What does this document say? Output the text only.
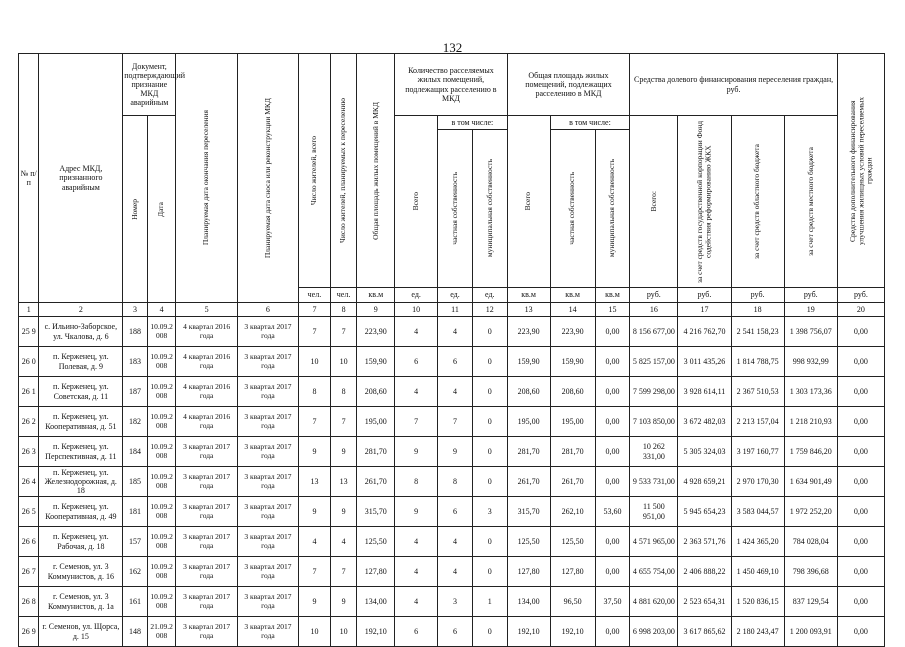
132
№ п/п	Адрес МКД, признанного аварийным	Документ, подтверждающий признание МКД аварийным		Планируемая дата окончания переселения	Планируемая дата сноса или реконструкции МКД	Число жителей, всего	Число жителей, планируемых к переселению	Общая площадь жилых помещений в МКД	Количество расселяемых жилых помещений, подлежащих расселению в МКД			Общая площадь жилых помещений, подлежащих расселению в МКД			Средства долевого финансирования переселения граждан, руб.				Средства дополнительного финансирования улучшения жилищных условий переселяемых граждан

		Номер	Дата						Всего	в том числе:		Всего	в том числе:		Всего:	за счет средств государственной корпорации Фонд содействия реформированию ЖКХ	за счет средств областного бюджета	за счет средств местного бюджета	

										частная собственность	муниципальная собственность		частная собственность	муниципальная собственность					

						чел.	чел.	кв.м	ед.	ед.	ед.	кв.м	кв.м	кв.м	руб.	руб.	руб.	руб.	руб.
1	2	3	4	5	6	7	8	9	10	11	12	13	14	15	16	17	18	19	20
25 9	с. Ильино-Заборское, ул. Чкалова, д. 6	188	10.09.2 008	4 квартал 2016 года	3 квартал 2017 года	7	7	223,90	4	4	0	223,90	223,90	0,00	8 156 677,00	4 216 762,70	2 541 158,23	1 398 756,07	0,00
26 0	п. Керженец, ул. Полевая, д. 9	183	10.09.2 008	4 квартал 2016 года	3 квартал 2017 года	10	10	159,90	6	6	0	159,90	159,90	0,00	5 825 157,00	3 011 435,26	1 814 788,75	998 932,99	0,00
26 1	п. Керженец, ул. Советская, д. 11	187	10.09.2 008	4 квартал 2016 года	3 квартал 2017 года	8	8	208,60	4	4	0	208,60	208,60	0,00	7 599 298,00	3 928 614,11	2 367 510,53	1 303 173,36	0,00
26 2	п. Керженец, ул. Кооперативная, д. 51	182	10.09.2 008	4 квартал 2016 года	3 квартал 2017 года	7	7	195,00	7	7	0	195,00	195,00	0,00	7 103 850,00	3 672 482,03	2 213 157,04	1 218 210,93	0,00
26 3	п. Керженец, ул. Перспективная, д. 11	184	10.09.2 008	3 квартал 2017 года	3 квартал 2017 года	9	9	281,70	9	9	0	281,70	281,70	0,00	10 262 331,00	5 305 324,03	3 197 160,77	1 759 846,20	0,00
26 4	п. Керженец, ул. Железнодорожная, д. 18	185	10.09.2 008	3 квартал 2017 года	3 квартал 2017 года	13	13	261,70	8	8	0	261,70	261,70	0,00	9 533 731,00	4 928 659,21	2 970 170,30	1 634 901,49	0,00
26 5	п. Керженец, ул. Кооперативная, д. 49	181	10.09.2 008	3 квартал 2017 года	3 квартал 2017 года	9	9	315,70	9	6	3	315,70	262,10	53,60	11 500 951,00	5 945 654,23	3 583 044,57	1 972 252,20	0,00
26 6	п. Керженец, ул. Рабочая, д. 18	157	10.09.2 008	3 квартал 2017 года	3 квартал 2017 года	4	4	125,50	4	4	0	125,50	125,50	0,00	4 571 965,00	2 363 571,76	1 424 365,20	784 028,04	0,00
26 7	г. Семенов, ул. 3 Коммунистов, д. 16	162	10.09.2 008	3 квартал 2017 года	3 квартал 2017 года	7	7	127,80	4	4	0	127,80	127,80	0,00	4 655 754,00	2 406 888,22	1 450 469,10	798 396,68	0,00
26 8	г. Семенов, ул. 3 Коммунистов, д. 1а	161	10.09.2 008	3 квартал 2017 года	3 квартал 2017 года	9	9	134,00	4	3	1	134,00	96,50	37,50	4 881 620,00	2 523 654,31	1 520 836,15	837 129,54	0,00
26 9	г. Семенов, ул. Щорса, д. 15	148	21.09.2 008	3 квартал 2017 года	3 квартал 2017 года	10	10	192,10	6	6	0	192,10	192,10	0,00	6 998 203,00	3 617 865,62	2 180 243,47	1 200 093,91	0,00
